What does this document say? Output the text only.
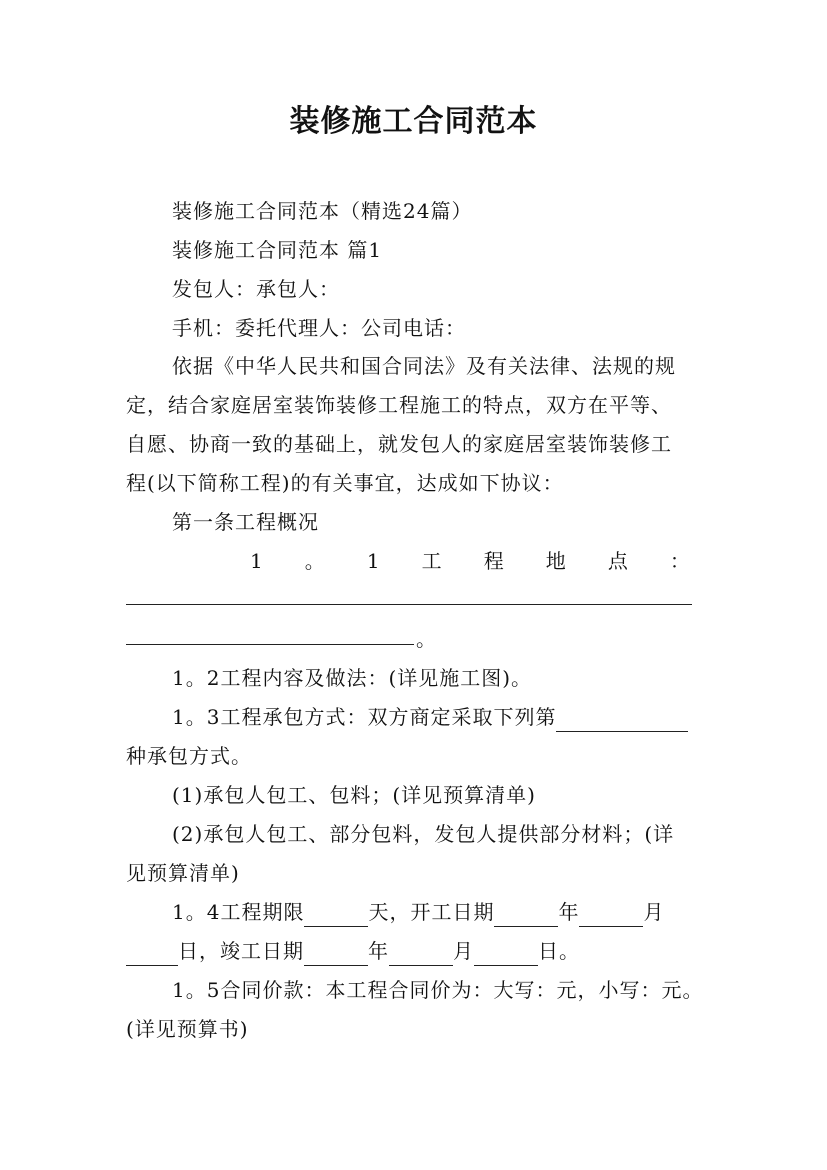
装修施工合同范本
装修施工合同范本（精选24篇）
装修施工合同范本 篇1
发包人：承包人：
手机：委托代理人：公司电话：
依据《中华人民共和国合同法》及有关法律、法规的规
定，结合家庭居室装饰装修工程施工的特点，双方在平等、
自愿、协商一致的基础上，就发包人的家庭居室装饰装修工
程(以下简称工程)的有关事宜，达成如下协议：
第一条工程概况
1 。 1 工 程 地 点 ：
。
1。2工程内容及做法：(详见施工图)。
1。3工程承包方式：双方商定采取下列第
种承包方式。
(1)承包人包工、包料；(详见预算清单)
(2)承包人包工、部分包料，发包人提供部分材料；(详
见预算清单)
1。4工程期限	天，开工日期	年	月
日，竣工日期	年	月	日。
1。5合同价款：本工程合同价为：大写：元，小写：元。
(详见预算书)
